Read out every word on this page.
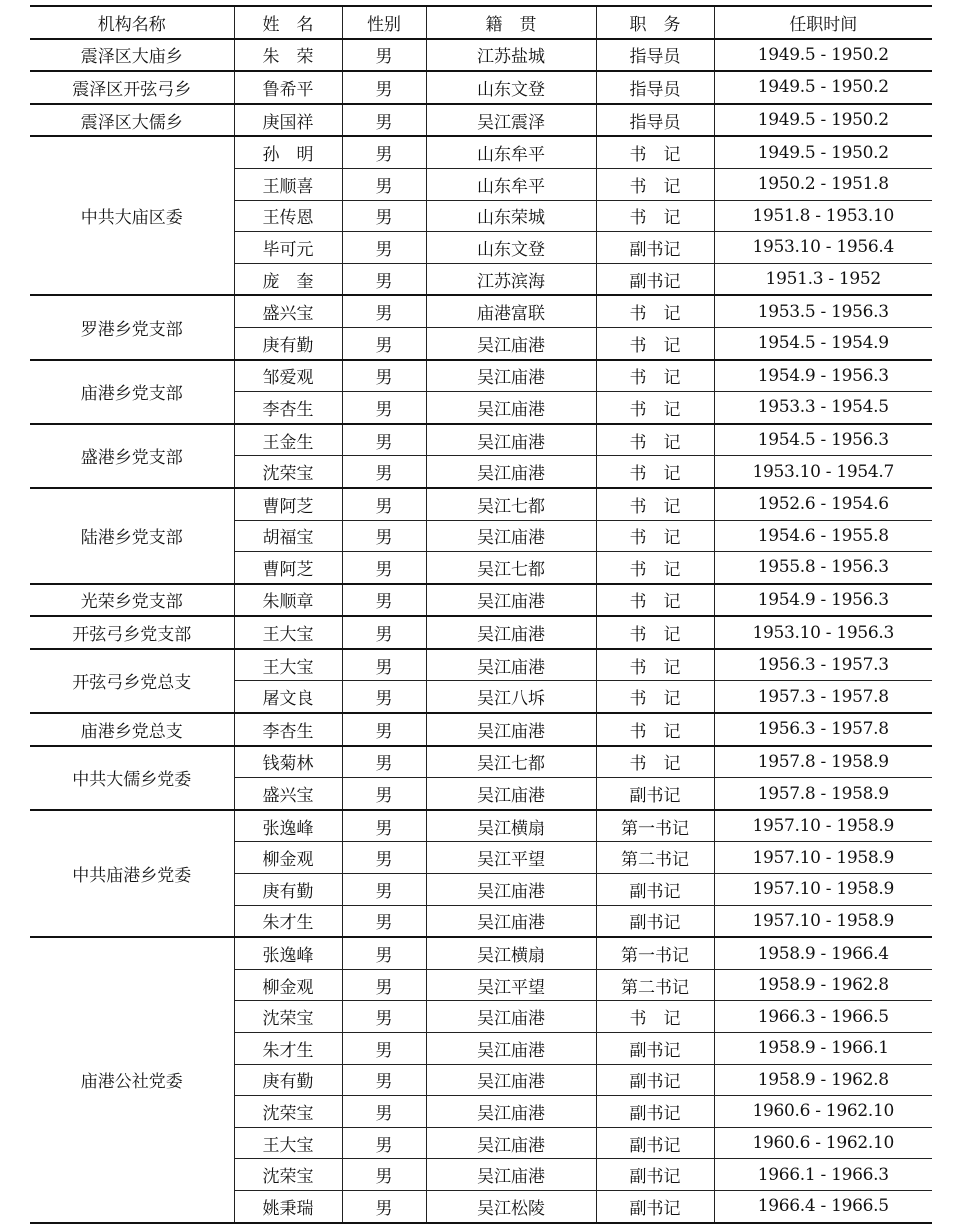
机构名称	姓　名	性别	籍　贯	职　务	任职时间
震泽区大庙乡	朱　荣	男	江苏盐城	指导员	1949.5 - 1950.2
震泽区开弦弓乡	鲁希平	男	山东文登	指导员	1949.5 - 1950.2
震泽区大儒乡	庚国祥	男	吴江震泽	指导员	1949.5 - 1950.2
中共大庙区委	孙　明	男	山东牟平	书　记	1949.5 - 1950.2
	王顺喜	男	山东牟平	书　记	1950.2 - 1951.8
	王传恩	男	山东荣城	书　记	1951.8 - 1953.10
	毕可元	男	山东文登	副书记	1953.10 - 1956.4
	庞　奎	男	江苏滨海	副书记	1951.3 - 1952
罗港乡党支部	盛兴宝	男	庙港富联	书　记	1953.5 - 1956.3
	庚有勤	男	吴江庙港	书　记	1954.5 - 1954.9
庙港乡党支部	邹爱观	男	吴江庙港	书　记	1954.9 - 1956.3
	李杏生	男	吴江庙港	书　记	1953.3 - 1954.5
盛港乡党支部	王金生	男	吴江庙港	书　记	1954.5 - 1956.3
	沈荣宝	男	吴江庙港	书　记	1953.10 - 1954.7
陆港乡党支部	曹阿芝	男	吴江七都	书　记	1952.6 - 1954.6
	胡福宝	男	吴江庙港	书　记	1954.6 - 1955.8
	曹阿芝	男	吴江七都	书　记	1955.8 - 1956.3
光荣乡党支部	朱顺章	男	吴江庙港	书　记	1954.9 - 1956.3
开弦弓乡党支部	王大宝	男	吴江庙港	书　记	1953.10 - 1956.3
开弦弓乡党总支	王大宝	男	吴江庙港	书　记	1956.3 - 1957.3
	屠文良	男	吴江八坼	书　记	1957.3 - 1957.8
庙港乡党总支	李杏生	男	吴江庙港	书　记	1956.3 - 1957.8
中共大儒乡党委	钱菊林	男	吴江七都	书　记	1957.8 - 1958.9
	盛兴宝	男	吴江庙港	副书记	1957.8 - 1958.9
中共庙港乡党委	张逸峰	男	吴江横扇	第一书记	1957.10 - 1958.9
	柳金观	男	吴江平望	第二书记	1957.10 - 1958.9
	庚有勤	男	吴江庙港	副书记	1957.10 - 1958.9
	朱才生	男	吴江庙港	副书记	1957.10 - 1958.9
庙港公社党委	张逸峰	男	吴江横扇	第一书记	1958.9 - 1966.4
	柳金观	男	吴江平望	第二书记	1958.9 - 1962.8
	沈荣宝	男	吴江庙港	书　记	1966.3 - 1966.5
	朱才生	男	吴江庙港	副书记	1958.9 - 1966.1
	庚有勤	男	吴江庙港	副书记	1958.9 - 1962.8
	沈荣宝	男	吴江庙港	副书记	1960.6 - 1962.10
	王大宝	男	吴江庙港	副书记	1960.6 - 1962.10
	沈荣宝	男	吴江庙港	副书记	1966.1 - 1966.3
	姚秉瑞	男	吴江松陵	副书记	1966.4 - 1966.5
